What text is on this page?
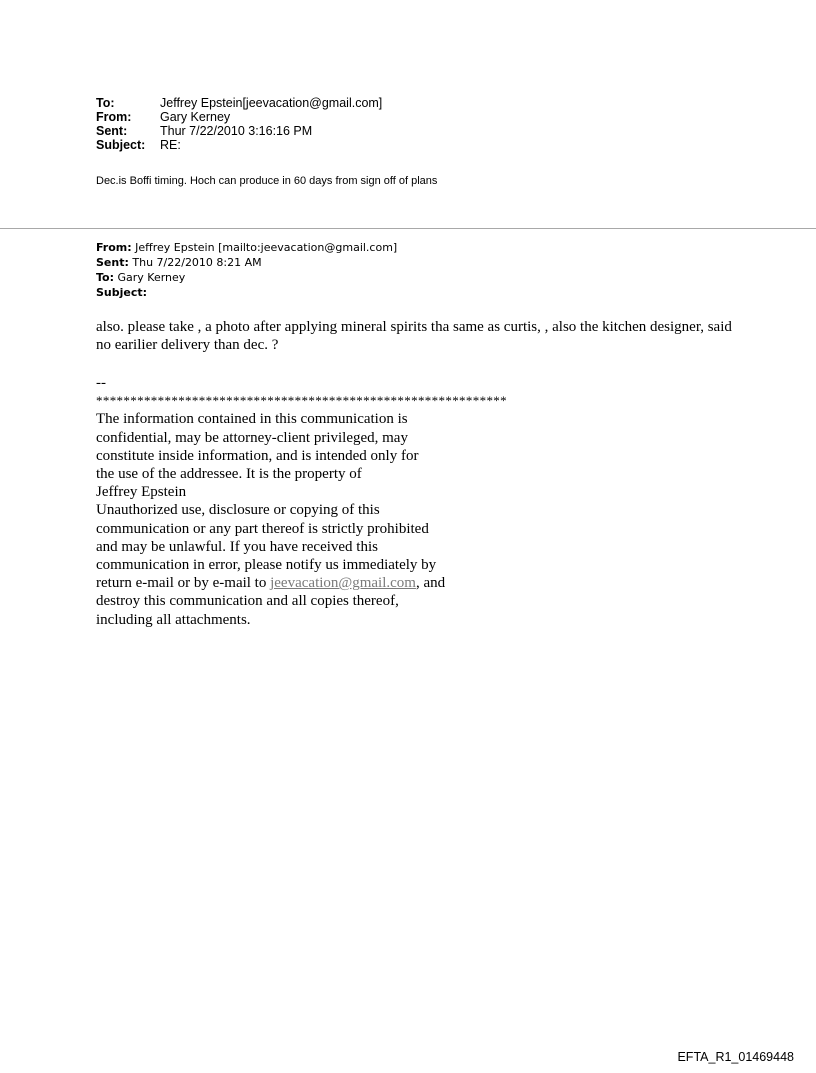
To:	Jeffrey Epstein[jeevacation@gmail.com]
From:	Gary Kerney
Sent:	Thur 7/22/2010 3:16:16 PM
Subject:	RE:
Dec.is Boffi timing. Hoch can produce in 60 days from sign off of plans
From: Jeffrey Epstein [mailto:jeevacation@gmail.com]
Sent: Thu 7/22/2010 8:21 AM
To: Gary Kerney
Subject:
also. please take , a photo after applying mineral spirits tha same as curtis, , also the kitchen designer, said no earilier delivery than dec. ?
--
************************************************************
The information contained in this communication is
confidential, may be attorney-client privileged, may
constitute inside information, and is intended only for
the use of the addressee. It is the property of
Jeffrey Epstein
Unauthorized use, disclosure or copying of this
communication or any part thereof is strictly prohibited
and may be unlawful. If you have received this
communication in error, please notify us immediately by
return e-mail or by e-mail to jeevacation@gmail.com, and
destroy this communication and all copies thereof,
including all attachments.
EFTA_R1_01469448
